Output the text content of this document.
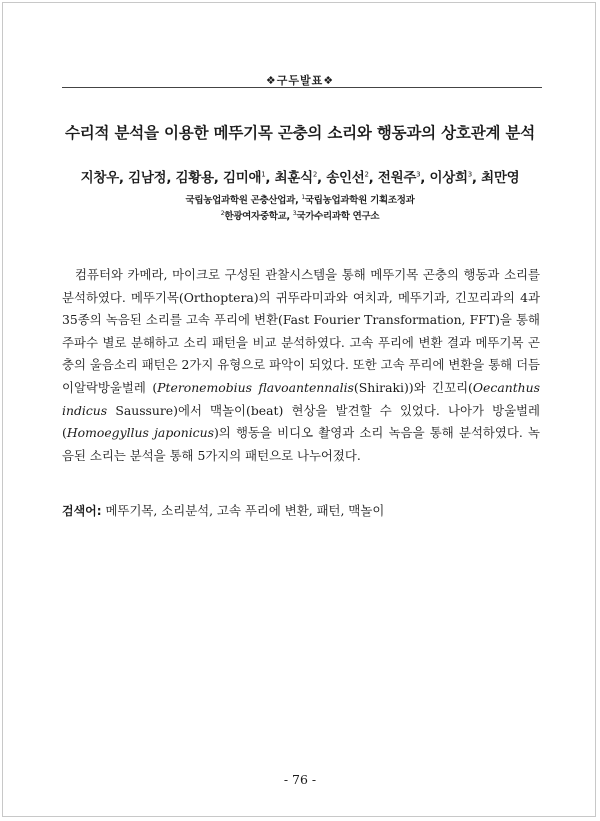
❖구두발표❖
수리적 분석을 이용한 메뚜기목 곤충의 소리와 행동과의 상호관계 분석
지창우, 김남정, 김황용, 김미애$^1$, 최훈식$^2$, 송인선$^2$, 전원주$^3$, 이상희$^3$, 최만영
국립농업과학원 곤충산업과, $^1$국립농업과학원 기획조정과
$^2$한광여자중학교, $^3$국가수리과학 연구소

컴퓨터와 카메라, 마이크로 구성된 관찰시스템을 통해 메뚜기목 곤충의 행동과 소리를 분석하였다. 메뚜기목(Orthoptera)의 귀뚜라미과와 여치과, 메뚜기과, 긴꼬리과의 4과 35종의 녹음된 소리를 고속 푸리에 변환(Fast Fourier Transformation, FFT)을 통해 주파수 별로 분해하고 소리 패턴을 비교 분석하였다. 고속 푸리에 변환 결과 메뚜기목 곤충의 울음소리 패턴은 2가지 유형으로 파악이 되었다. 또한 고속 푸리에 변환을 통해 더듬이알락방울벌레 (Pteronemobius flavoantennalis(Shiraki))와 긴꼬리(Oecanthus indicus Saussure)에서 맥놀이(beat) 현상을 발견할 수 있었다. 나아가 방울벌레(Homoegyllus japonicus)의 행동을 비디오 촬영과 소리 녹음을 통해 분석하였다. 녹음된 소리는 분석을 통해 5가지의 패턴으로 나누어졌다.

검색어: 메뚜기목, 소리분석, 고속 푸리에 변환, 패턴, 맥놀이
- 76 -
